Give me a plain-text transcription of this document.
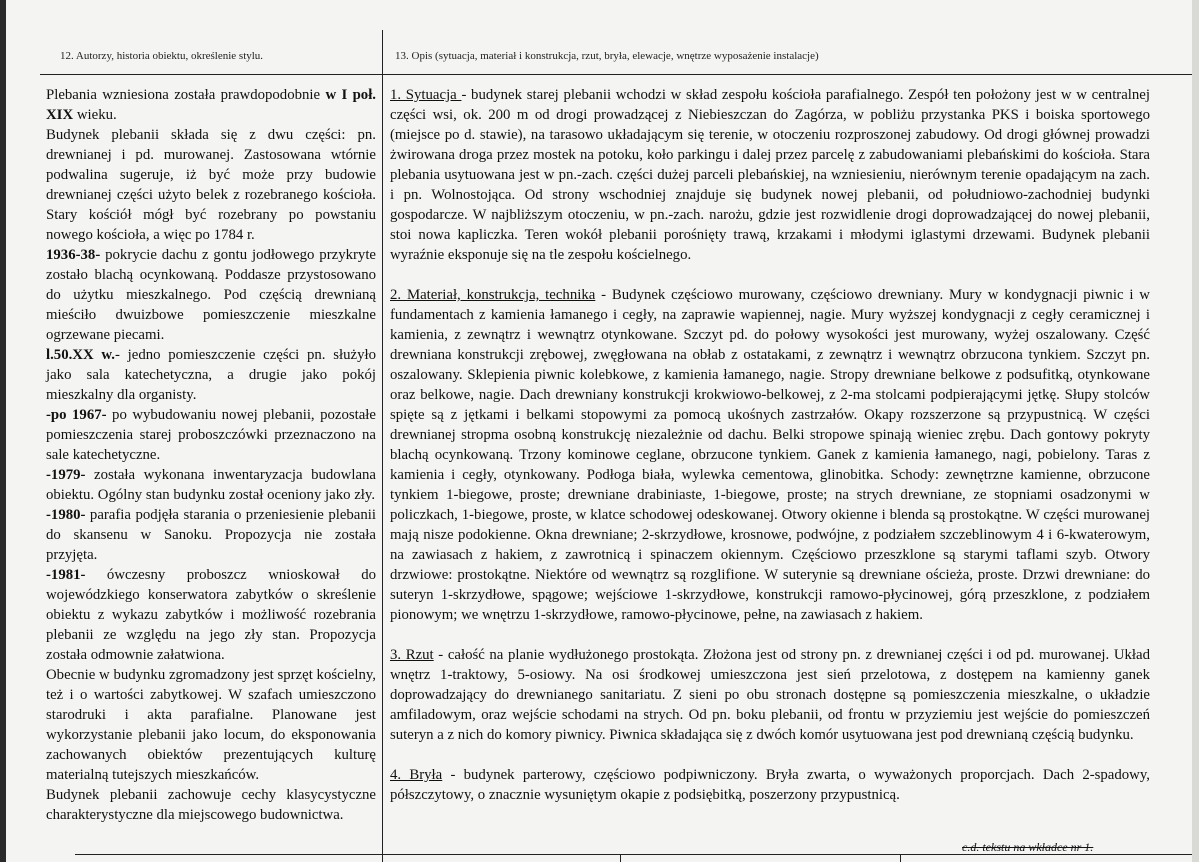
12. Autorzy, historia obiektu, określenie stylu.	13. Opis (sytuacja, materiał i konstrukcja, rzut, bryła, elewacje, wnętrze wyposażenie instalacje)

Plebania wzniesiona została prawdopodobnie w I poł. XIX wieku.

Budynek plebanii składa się z dwu części: pn. drewnianej i pd. murowanej. Zastosowana wtórnie podwalina sugeruje, iż być może przy budowie drewnianej części użyto belek z rozebranego kościoła. Stary kościół mógł być rozebrany po powstaniu nowego kościoła, a więc po 1784 r.

1936-38- pokrycie dachu z gontu jodłowego przykryte zostało blachą ocynkowaną. Poddasze przystosowano do użytku mieszkalnego. Pod częścią drewnianą mieściło dwuizbowe pomieszczenie mieszkalne ogrzewane piecami.

l.50.XX w.- jedno pomieszczenie części pn. służyło jako sala katechetyczna, a drugie jako pokój mieszkalny dla organisty.

-po 1967- po wybudowaniu nowej plebanii, pozostałe pomieszczenia starej proboszczówki przeznaczono na sale katechetyczne.

-1979- została wykonana inwentaryzacja budowlana obiektu. Ogólny stan budynku został oceniony jako zły.

-1980- parafia podjęła starania o przeniesienie plebanii do skansenu w Sanoku. Propozycja nie została przyjęta.

-1981- ówczesny proboszcz wnioskował do wojewódzkiego konserwatora zabytków o skreślenie obiektu z wykazu zabytków i możliwość rozebrania plebanii ze względu na jego zły stan. Propozycja została odmownie załatwiona.

Obecnie w budynku zgromadzony jest sprzęt kościelny, też i o wartości zabytkowej. W szafach umieszczono starodruki i akta parafialne. Planowane jest wykorzystanie plebanii jako locum, do eksponowania zachowanych obiektów prezentujących kulturę materialną tutejszych mieszkańców.

Budynek plebanii zachowuje cechy klasycystyczne charakterystyczne dla miejscowego budownictwa.

1. Sytuacja - budynek starej plebanii wchodzi w skład zespołu kościoła parafialnego. Zespół ten położony jest w w centralnej części wsi, ok. 200 m od drogi prowadzącej z Niebieszczan do Zagórza, w pobliżu przystanka PKS i boiska sportowego (miejsce po d. stawie), na tarasowo układającym się terenie, w otoczeniu rozproszonej zabudowy. Od drogi głównej prowadzi żwirowana droga przez mostek na potoku, koło parkingu i dalej przez parcelę z zabudowaniami plebańskimi do kościoła. Stara plebania usytuowana jest w pn.-zach. części dużej parceli plebańskiej, na wzniesieniu, nierównym terenie opadającym na zach. i pn. Wolnostojąca. Od strony wschodniej znajduje się budynek nowej plebanii, od południowo-zachodniej budynki gospodarcze. W najbliższym otoczeniu, w pn.-zach. narożu, gdzie jest rozwidlenie drogi doprowadzającej do nowej plebanii, stoi nowa kapliczka. Teren wokół plebanii porośnięty trawą, krzakami i młodymi iglastymi drzewami. Budynek plebanii wyraźnie eksponuje się na tle zespołu kościelnego.

2. Materiał, konstrukcja, technika - Budynek częściowo murowany, częściowo drewniany. Mury w kondygnacji piwnic i w fundamentach z kamienia łamanego i cegły, na zaprawie wapiennej, nagie. Mury wyższej kondygnacji z cegły ceramicznej i kamienia, z zewnątrz i wewnątrz otynkowane. Szczyt pd. do połowy wysokości jest murowany, wyżej oszalowany. Część drewniana konstrukcji zrębowej, zwęgłowana na obłab z ostatakami, z zewnątrz i wewnątrz obrzucona tynkiem. Szczyt pn. oszalowany. Sklepienia piwnic kolebkowe, z kamienia łamanego, nagie. Stropy drewniane belkowe z podsufitką, otynkowane oraz belkowe, nagie. Dach drewniany konstrukcji krokwiowo-belkowej, z 2-ma stolcami podpierającymi jętkę. Słupy stolców spięte są z jętkami i belkami stopowymi za pomocą ukośnych zastrzałów. Okapy rozszerzone są przypustnicą. W części drewnianej stropma osobną konstrukcję niezależnie od dachu. Belki stropowe spinają wieniec zrębu. Dach gontowy pokryty blachą ocynkowaną. Trzony kominowe ceglane, obrzucone tynkiem. Ganek z kamienia łamanego, nagi, pobielony. Taras z kamienia i cegły, otynkowany. Podłoga biała, wylewka cementowa, glinobitka. Schody: zewnętrzne kamienne, obrzucone tynkiem 1-biegowe, proste; drewniane drabiniaste, 1-biegowe, proste; na strych drewniane, ze stopniami osadzonymi w policzkach, 1-biegowe, proste, w klatce schodowej odeskowanej. Otwory okienne i blenda są prostokątne. W części murowanej mają nisze podokienne. Okna drewniane; 2-skrzydłowe, krosnowe, podwójne, z podziałem szczeblinowym 4 i 6-kwaterowym, na zawiasach z hakiem, z zawrotnicą i spinaczem okiennym. Częściowo przeszklone są starymi taflami szyb. Otwory drzwiowe: prostokątne. Niektóre od wewnątrz są rozglifione. W suterynie są drewniane ościeża, proste. Drzwi drewniane: do suteryn 1-skrzydłowe, spągowe; wejściowe 1-skrzydłowe, konstrukcji ramowo-płycinowej, górą przeszklone, z podziałem pionowym; we wnętrzu 1-skrzydłowe, ramowo-płycinowe, pełne, na zawiasach z hakiem.

3. Rzut - całość na planie wydłużonego prostokąta. Złożona jest od strony pn. z drewnianej części i od pd. murowanej. Układ wnętrz 1-traktowy, 5-osiowy. Na osi środkowej umieszczona jest sień przelotowa, z dostępem na kamienny ganek doprowadzający do drewnianego sanitariatu. Z sieni po obu stronach dostępne są pomieszczenia mieszkalne, o układzie amfiladowym, oraz wejście schodami na strych. Od pn. boku plebanii, od frontu w przyziemiu jest wejście do pomieszczeń suteryn a z nich do komory piwnicy. Piwnica składająca się z dwóch komór usytuowana jest pod drewnianą częścią budynku.

4. Bryła - budynek parterowy, częściowo podpiwniczony. Bryła zwarta, o wyważonych proporcjach. Dach 2-spadowy, półszczytowy, o znacznie wysuniętym okapie z podsiębitką, poszerzony przypustnicą.

c.d. tekstu na wkładce nr 1.
